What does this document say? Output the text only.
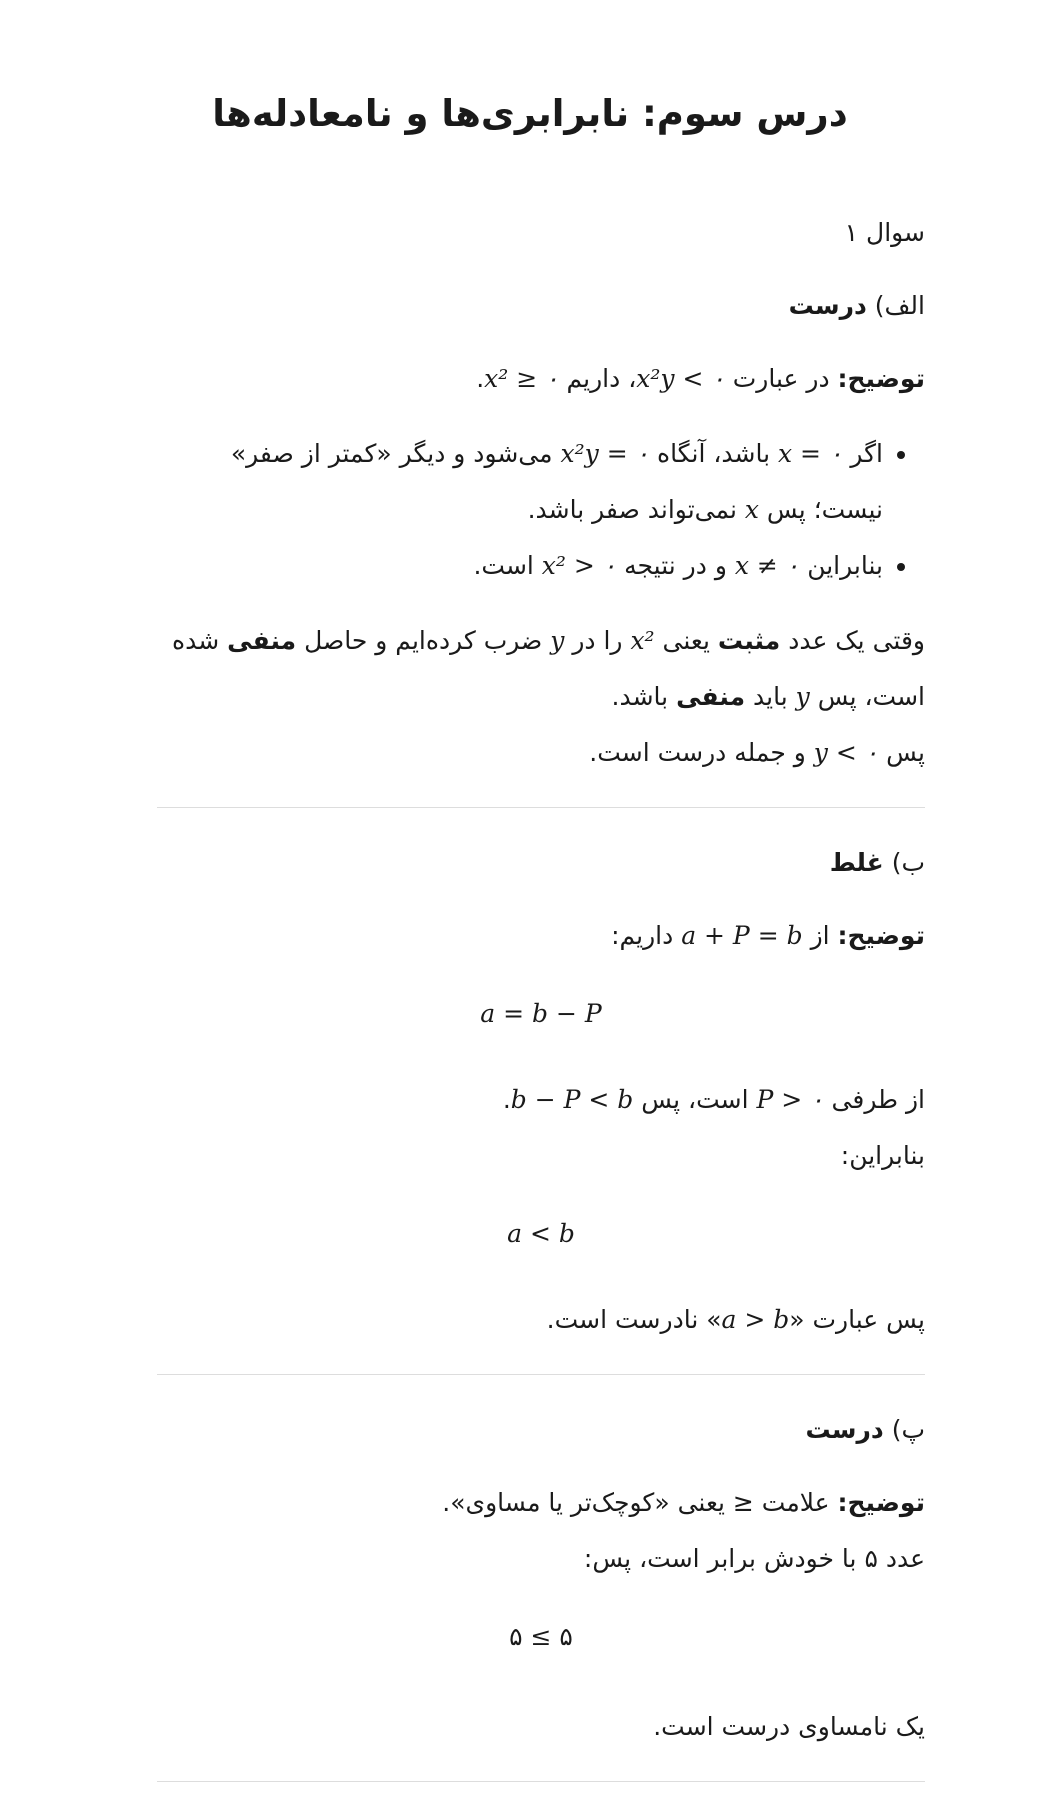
درس سوم: نابرابری‌ها و نامعادله‌ها

سوال ۱

الف) درست

توضیح: در عبارت x²y < ۰، داریم x² ≥ ۰.

• اگر x = ۰ باشد، آنگاه x²y = ۰ می‌شود و دیگر «کمتر از صفر» نیست؛ پس x نمی‌تواند صفر باشد.
• بنابراین x ≠ ۰ و در نتیجه x² > ۰ است.

وقتی یک عدد مثبت یعنی x² را در y ضرب کرده‌ایم و حاصل منفی شده است، پس y باید منفی باشد.

پس y < ۰ و جمله درست است.

ب) غلط

توضیح: از a + P = b داریم:

a = b − P

از طرفی P > ۰ است، پس b − P < b.

بنابراین:

a < b

پس عبارت «a > b» نادرست است.

پ) درست

توضیح: علامت ≤ یعنی «کوچک‌تر یا مساوی».

عدد ۵ با خودش برابر است، پس:

۵ ≤ ۵

یک نامساوی درست است.
